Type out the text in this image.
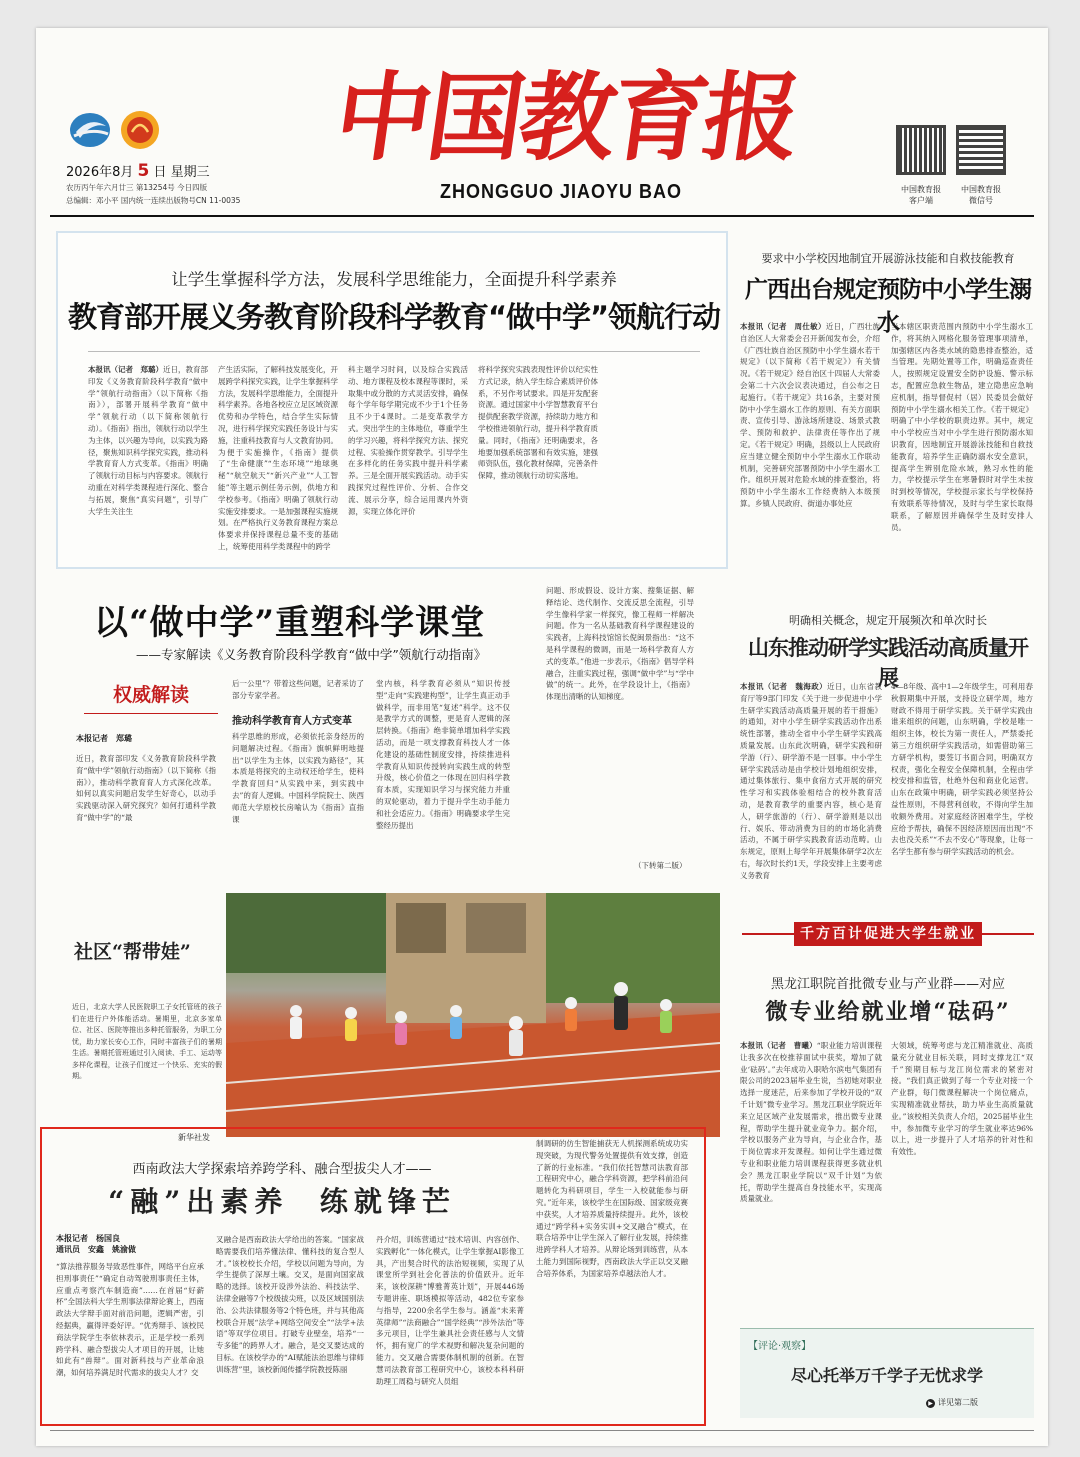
2026年8月 5 日 星期三
农历丙午年六月廿三 第13254号 今日四版
总编辑：邓小平 国内统一连续出版物号CN 11-0035
中国教育报
ZHONGGUO JIAOYU BAO	中国教育报
客户端
中国教育报
微信号
让学生掌握科学方法，发展科学思维能力，全面提升科学素养
教育部开展义务教育阶段科学教育“做中学”领航行动
本报讯（记者　郑璐）近日，教育部印发《义务教育阶段科学教育“做中学”领航行动指南》（以下简称《指南》），部署开展科学教育“做中学”领航行动（以下简称领航行动）。《指南》指出，领航行动以学生为主体，以兴趣为导向，以实践为路径，聚焦知识科学探究实践，推动科学教育育人方式变革。《指南》明确了领航行动目标与内容要求。领航行动重在对科学类课程进行深化、整合与拓展，聚焦“真实问题”，引导广大学生关注生
产生活实际，了解科技发展变化，开展跨学科探究实践，让学生掌握科学方法，发展科学思维能力，全面提升科学素养。各地各校应立足区域资源优势和办学特色，结合学生实际情况，进行科学探究实践任务设计与实施，注重科技教育与人文教育协同。为便于实施操作，《指南》提供了“生命健康”“生态环境”“地球奥秘”“航空航天”“新兴产业”“人工智能”等主题示例任务示例，供地方和学校参考。《指南》明确了领航行动实施安排要求。一是加强课程实施规划。在严格执行义务教育课程方案总体要求并保持课程总量不变的基础上，统筹使用科学类课程中的跨学
科主题学习时间，以及综合实践活动、地方课程及校本课程等课时，采取集中或分散的方式灵活安排，确保每个学年每学期完成不少于1个任务且不少于4课时。二是变革教学方式。突出学生的主体地位，尊重学生的学习兴趣，将科学探究方法、探究过程、实验操作贯穿教学。引导学生在多样化的任务实践中提升科学素养。三是全面开展实践活动。动手实践探究过程性评价、分析、合作交流、展示分享，综合运用课内外资源，实现立体化评价
将科学探究实践表现性评价以纪实性方式记录，纳入学生综合素质评价体系，不另作考试要求。四是开发配套资源。通过国家中小学智慧教育平台提供配套教学资源，持续助力地方和学校推进领航行动，提升科学教育质量。同时，《指南》还明确要求，各地要加强系统部署和有效实施，建强师资队伍，强化教材保障，完善条件保障，推动领航行动切实落地。
要求中小学校因地制宜开展游泳技能和自救技能教育
广西出台规定预防中小学生溺水
本报讯（记者　周仕敏）近日，广西壮族自治区人大常委会召开新闻发布会，介绍《广西壮族自治区预防中小学生溺水若干规定》（以下简称《若干规定》）有关情况。《若干规定》经自治区十四届人大常委会第二十六次会议表决通过，自公布之日起施行。《若干规定》共16条，主要对预防中小学生溺水工作的原则、有关方面职责、宣传引导、游泳场所建设、场景式教学、预防和救护、法律责任等作出了规定。《若干规定》明确，县级以上人民政府应当建立健全预防中小学生溺水工作联动机制，完善研究部署预防中小学生溺水工作。组织开展对危险水域的排查整治，将预防中小学生溺水工作经费纳入本级预算。乡镇人民政府、街道办事处应
当本辖区职责范围内预防中小学生溺水工作，将其纳入网格化服务管理事项清单，加强辖区内各类水域的隐患排查整治，适当管理。先期处置等工作，明确巡查责任人，按照规定设置安全防护设施、警示标志，配置应急救生物品，建立隐患应急响应机制，指导督促村（居）民委员会做好预防中小学生溺水相关工作。《若干规定》明确了中小学校的职责边界。其中，规定中小学校应当对中小学生进行预防溺水知识教育，因地制宜开展游泳技能和自救技能教育，培养学生正确防溺水安全意识，提高学生辨别危险水域，熟习水性的能力，学校提示学生在寒暑假时对学生未按时到校等情况，学校提示家长与学校保持有效联系等待情况，及时与学生家长取得联系，了解原因并确保学生及时安排人员。
以“做中学”重塑科学课堂
——专家解读《义务教育阶段科学教育“做中学”领航行动指南》
权威解读
本报记者　郑璐
近日，教育部印发《义务教育阶段科学教育“做中学”领航行动指南》（以下简称《指南》），推动科学教育育人方式深化改革。如何以真实问题启发学生好奇心，以动手实践驱动深入研究探究？如何打通科学教育“做中学”的“最
后一公里”？带着这些问题，记者采访了部分专家学者。
推动科学教育育人方式变革
科学思维的形成，必须依托亲身经历的问题解决过程。《指南》旗帜鲜明地提出“以学生为主体，以实践为路径”，其本质是将探究的主动权还给学生，使科学教育回归“从实践中来，到实践中去”的育人逻辑。中国科学院院士、陕西师范大学原校长房喻认为《指南》直指课
堂内核，科学教育必须从“知识传授型”走向“实践建构型”，让学生真正动手做科学，而非用笔“复述”科学。这不仅是教学方式的调整，更是育人逻辑的深层转换。《指南》绝非简单增加科学实践活动，而是一项支撑教育科技人才一体化建设的基础性制度安排，持续推进科学教育从知识传授转向实践生成的转型升级，核心价值之一体现在回归科学教育本质，实现知识学习与探究能力并重的双轮驱动，着力于提升学生动手能力和社会适应力。《指南》明确要求学生完整经历提出
问题、形成假设、设计方案、搜集证据、解释结论、迭代制作、交流反思全流程，引导学生像科学家一样探究，像工程师一样解决问题。作为一名从基础教育科学课程建设的实践者，上海科技馆馆长倪闽景指出：“这不是科学课程的微调，而是一场科学教育人方式的变革。”他进一步表示，《指南》倡导学科融合，注重实践过程，强调“做中学”与“学中做”的统一。此外，在学段设计上，《指南》体现出清晰的认知梯度。
（下转第二版）
明确相关概念，规定开展频次和单次时长
山东推动研学实践活动高质量开展
本报讯（记者　魏海政）近日，山东省教育厅等9部门印发《关于进一步促进中小学生研学实践活动高质量开展的若干措施》的通知，对中小学生研学实践活动作出系统性部署，推动全省中小学生研学实践高质量发展。山东此次明确，研学实践和研学游（行）、研学游不是一回事。中小学生研学实践活动是由学校计划地组织安排，通过集体旅行、集中食宿方式开展的研究性学习和实践体验相结合的校外教育活动，是教育教学的重要内容，核心是育人，研学旅游的（行）、研学游则是以出行、娱乐、带动消费为目的的市场化消费活动，不属于研学实践教育活动范畴。山东规定，原则上每学年开展集体研学2次左右，每次时长约1天，学段安排上主要考虑义务教育
4—8年级、高中1—2年级学生，可利用春秋假期集中开展，支持设立研学周，地方财政不得用于研学实践。关于研学实践由谁来组织的问题，山东明确，学校是唯一组织主体，校长为第一责任人，严禁委托第三方组织研学实践活动，如需借助第三方研学机构，要签订书面合同，明确双方权责，强化全程安全保障机制，全程由学校安排和监管，杜绝外包和商业化运营。山东在政策中明确，研学实践必须坚持公益性原则，不得营利创收，不得向学生加收额外费用。对家庭经济困难学生，学校应给予帮扶，确保不因经济原因而出现“不去也没关系”“不去不安心”等现象，让每一名学生都有参与研学实践活动的机会。
社区“帮带娃”
近日，北京大学人民医院职工子女托管班的孩子们在进行户外体能活动。暑期里，北京多家单位、社区、医院等推出多种托管服务，为职工分忧，助力家长安心工作，同时丰富孩子们的暑期生活。暑期托管班通过引入阅读、手工、运动等多样化课程，让孩子们度过一个快乐、充实的假期。
新华社发
千方百计促进大学生就业
黑龙江职院首批微专业与产业群——对应
微专业给就业增“砝码”
本报讯（记者　曹曦）“职业能力培训课程让我多次在校推荐面试中获奖，增加了就业‘砝码’。”去年成功入职哈尔滨电气集团有限公司的2023届毕业生说，当初她对职业选择一度迷茫，后来参加了学校开设的“双千计划”微专业学习。黑龙江职业学院近年来立足区域产业发展需求，推出微专业课程，帮助学生提升就业竞争力。据介绍，学校以服务产业为导向，与企业合作，基于岗位需求开发课程。如何让学生通过微专业和职业能力培训课程获得更多就业机会？黑龙江职业学院以“双千计划”为依托，帮助学生提高自身技能水平，实现高质量就业。
大领域，统筹考虑与龙江精准就业、高质量充分就业目标关联，同时支撑龙江“双千”预期目标与龙江岗位需求的紧密对接。“我们真正做到了每一个专业对接一个产业群，每门微课程解决一个岗位痛点，实现精准就业帮扶，助力毕业生高质量就业。”该校相关负责人介绍，2025届毕业生中，参加微专业学习的学生就业率达96%以上，进一步提升了人才培养的针对性和有效性。
【评论·观察】
尽心托举万千学子无忧求学
▶ 详见第二版
西南政法大学探索培养跨学科、融合型拔尖人才——
“融”出素养  练就锋芒
本报记者　杨国良
通讯员　安鑫　姚渝做
“算法推荐服务导致恶性事件，网络平台应承担刑事责任”“确定自动驾驶刑事责任主体，应重点考察汽车制造商”……在首届“好薪杯”全国法科大学生刑事法律辩论赛上，西南政法大学辩手面对前沿问题，逻辑严密，引经据典，赢得评委好评。“优秀辩手、该校民商法学院学生李依林表示，正是学校一系列跨学科、融合型拔尖人才项目的开展，让她如此有“兽辩”。面对新科技与产业革命浪潮，如何培养满足时代需求的拔尖人才？交
叉融合是西南政法大学给出的答案。“国家战略需要我们培养懂法律、懂科技的复合型人才。”该校校长介绍，学校以问题为导向，为学生提供了深厚土壤。交叉，是面向国家战略的选择。该校开设涉外法治、科技法学、法律金融等7个校级拔尖班，以及区域国别法治、公共法律服务等2个特色班，并与其他高校联合开展“法学+网络空间安全”“法学+法语”等双学位项目。打破专业壁垒，培养“一专多能”的跨界人才。融合，是交叉要达成的目标。在该校学办的“AI赋能法治思维与律师训练营”里，该校新闻传播学院教授陈丽
丹介绍，训练营通过“技术培训、内容创作、实践孵化”一体化模式，让学生掌握AI影像工具，产出契合时代的法治短视频，实现了从课堂所学到社会化普法的价值跃升。近年来，该校深耕“博雅菁英计划”，开展446场专题讲座、职场模拟等活动，482位专家参与指导，2200余名学生参与。涵盖“未来菁英律师”“法商融合”“国学经典”“涉外法治”等多元项目，让学生兼具社会责任感与人文情怀，拥有宽广的学术视野和解决复杂问题的能力。交叉融合需要体制机制的创新。在智慧司法教育部工程研究中心，该校本科科研助理工周稳与研究人员组
制调研的仿生智能捕获无人机探测系统成功实现突破，为现代警务处置提供有效支撑，创造了新的行业标准。“我们依托智慧司法教育部工程研究中心，融合学科资源，把学科前沿问题转化为科研项目，学生一入校就能参与研究。”近年来，该校学生在国际级、国家级竞赛中获奖，人才培养质量持续提升。此外，该校通过“跨学科+实务实训+交叉融合”模式，在联合培养中让学生深入了解行业发展，持续推进跨学科人才培养。从辩论场到训练营，从本土能力到国际视野，西南政法大学正以交叉融合培养体系，为国家培养卓越法治人才。
